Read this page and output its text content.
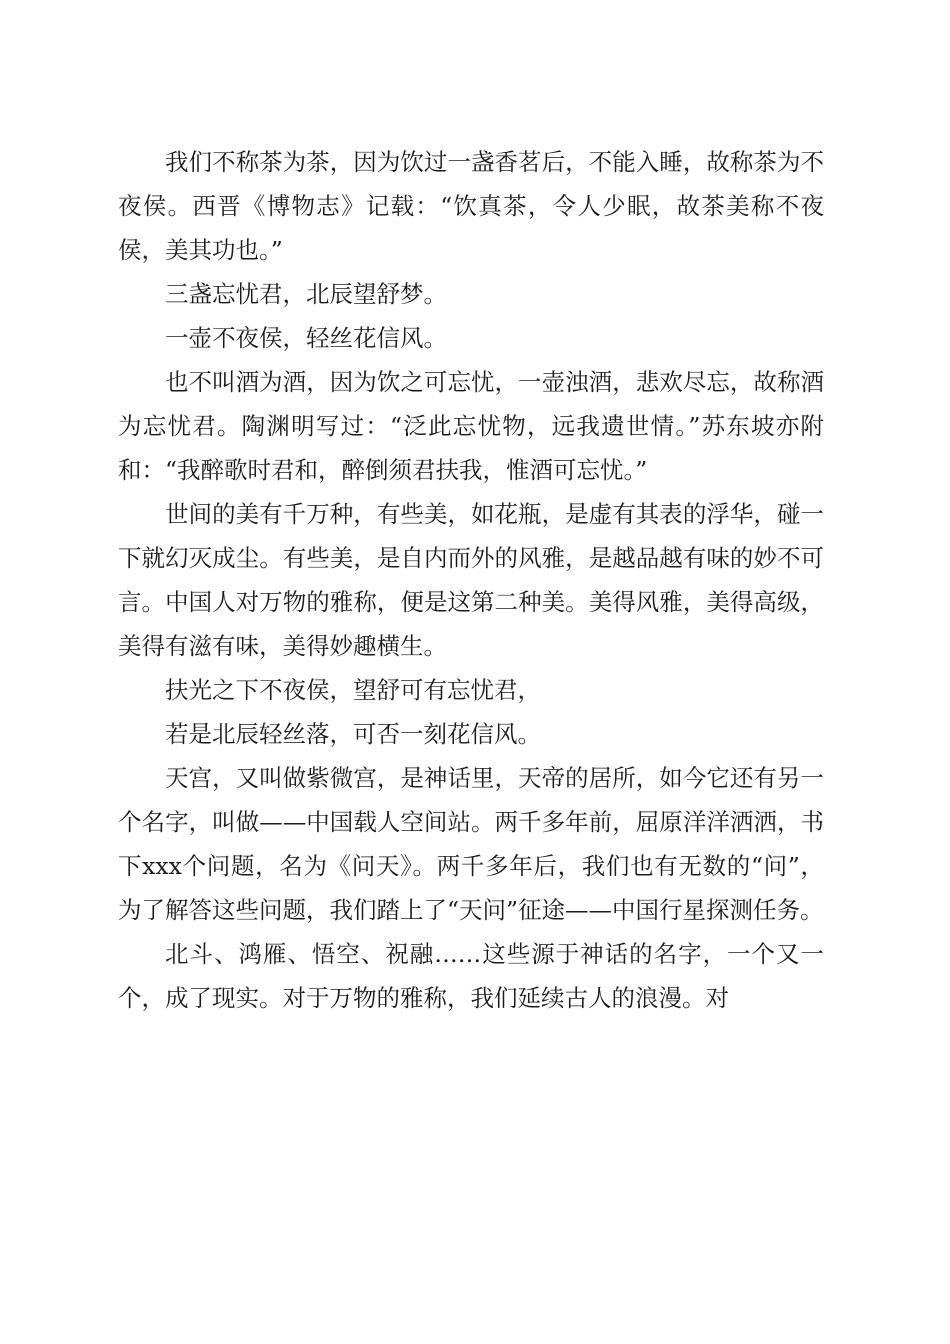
我们不称茶为茶，因为饮过一盏香茗后，不能入睡，故称茶为不夜侯。西晋《博物志》记载：“饮真茶，令人少眠，故茶美称不夜侯，美其功也。”

三盏忘忧君，北辰望舒梦。

一壶不夜侯，轻丝花信风。

也不叫酒为酒，因为饮之可忘忧，一壶浊酒，悲欢尽忘，故称酒为忘忧君。陶渊明写过：“泛此忘忧物，远我遗世情。”苏东坡亦附和：“我醉歌时君和，醉倒须君扶我，惟酒可忘忧。”

世间的美有千万种，有些美，如花瓶，是虚有其表的浮华，碰一下就幻灭成尘。有些美，是自内而外的风雅，是越品越有味的妙不可言。中国人对万物的雅称，便是这第二种美。美得风雅，美得高级，美得有滋有味，美得妙趣横生。

扶光之下不夜侯，望舒可有忘忧君，

若是北辰轻丝落，可否一刻花信风。

天宫，又叫做紫微宫，是神话里，天帝的居所，如今它还有另一个名字，叫做——中国载人空间站。两千多年前，屈原洋洋洒洒，书下xxx个问题，名为《问天》。两千多年后，我们也有无数的“问”，为了解答这些问题，我们踏上了“天问”征途——中国行星探测任务。

北斗、鸿雁、悟空、祝融……这些源于神话的名字，一个又一个，成了现实。对于万物的雅称，我们延续古人的浪漫。对
